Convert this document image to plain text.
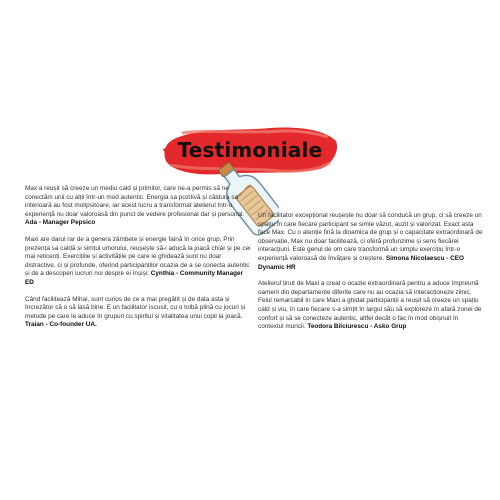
Testimoniale

Max a reușit să creeze un mediu cald și primitor, care ne-a permis să ne conectăm unii cu alții într-un mod autentic. Energia sa pozitivă și căldura sa interioară au fost molipsitoare, iar acest lucru a transformat atelierul într-o experiență nu doar valoroasă din punct de vedere profesional dar și personal. Ada - Manager Pepsico

Maxi are darul rar de a genera zâmbete și energie faină în orice grup. Prin prezența sa caldă și simțul umorului, reușește să-i aducă la joacă chiar și pe cei mai reticenți. Exercițiile și activitățile pe care le ghidează sunt nu doar distractive, ci și profunde, oferind participanților ocazia de a se conecta autentic și de a descoperi lucruri noi despre ei înșiși: Cynthia - Community Manager ED

Când facilitează Mihai, sunt curios de ce a mai pregătit și de data asta și încrezător că o să lasă bine. E un facilitator iscusit, cu o tolbă plină cu jocuri și metode pe care le aduce în grupuri cu spiritul și vitalitatea unui copil la joacă. Traian - Co-founder UA.

Un facilitator excepțional reușește nu doar să conducă un grup, ci să creeze un spațiu în care fiecare participant se simte văzut, auzit și valorizat. Exact asta face Max. Cu o atenție fină la dinamica de grup și o capacitate extraordinară de observație, Max nu doar facilitează, ci oferă profunzime și sens fiecărei interacțiuni. Este genul de om care transformă un simplu exercițiu într-o experiență valoroasă de învățare și creștere. Simona Nicolaescu - CEO Dynamic HR

Atelierul ținut de Maxi a creat o ocazie extraordinară pentru a aduce împreună oameni din departamente diferite care nu au ocazia să interacționeze zilnic. Felul remarcabil în care Maxi a ghidat participanții a reușit să creeze un spațiu cald și viu, în care fiecare s-a simțit în largul său să exploreze în afară zonei de confort și să se conecteze autentic, altfel decât o fac în mod obișnuit în contextul muncii. Teodora Bilciurescu - Asko Grup
